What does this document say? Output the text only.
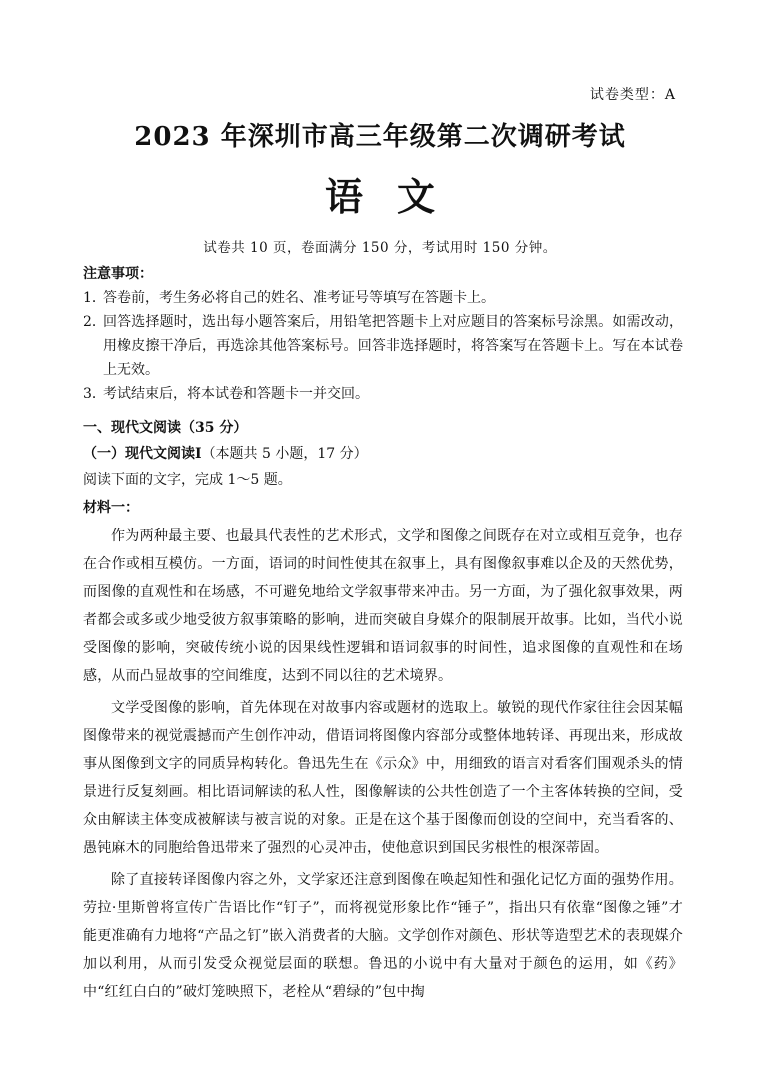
试卷类型：A
2023 年深圳市高三年级第二次调研考试
语文
试卷共 10 页，卷面满分 150 分，考试用时 150 分钟。
注意事项：
1．
答卷前，考生务必将自己的姓名、准考证号等填写在答题卡上。
2．
回答选择题时，选出每小题答案后，用铅笔把答题卡上对应题目的答案标号涂黑。如需改动，用橡皮擦干净后，再选涂其他答案标号。回答非选择题时，将答案写在答题卡上。写在本试卷上无效。
3．
考试结束后，将本试卷和答题卡一并交回。
一、现代文阅读（35 分）
（一）现代文阅读Ⅰ（本题共 5 小题，17 分）
阅读下面的文字，完成 1～5 题。
材料一：

作为两种最主要、也最具代表性的艺术形式，文学和图像之间既存在对立或相互竞争，也存在合作或相互模仿。一方面，语词的时间性使其在叙事上，具有图像叙事难以企及的天然优势，而图像的直观性和在场感，不可避免地给文学叙事带来冲击。另一方面，为了强化叙事效果，两者都会或多或少地受彼方叙事策略的影响，进而突破自身媒介的限制展开故事。比如，当代小说受图像的影响，突破传统小说的因果线性逻辑和语词叙事的时间性，追求图像的直观性和在场感，从而凸显故事的空间维度，达到不同以往的艺术境界。

文学受图像的影响，首先体现在对故事内容或题材的选取上。敏锐的现代作家往往会因某幅图像带来的视觉震撼而产生创作冲动，借语词将图像内容部分或整体地转译、再现出来，形成故事从图像到文字的同质异构转化。鲁迅先生在《示众》中，用细致的语言对看客们围观杀头的情景进行反复刻画。相比语词解读的私人性，图像解读的公共性创造了一个主客体转换的空间，受众由解读主体变成被解读与被言说的对象。正是在这个基于图像而创设的空间中，充当看客的、愚钝麻木的同胞给鲁迅带来了强烈的心灵冲击，使他意识到国民劣根性的根深蒂固。

除了直接转译图像内容之外，文学家还注意到图像在唤起知性和强化记忆方面的强势作用。劳拉·里斯曾将宣传广告语比作“钉子”，而将视觉形象比作“锤子”，指出只有依靠“图像之锤”才能更准确有力地将“产品之钉”嵌入消费者的大脑。文学创作对颜色、形状等造型艺术的表现媒介加以利用，从而引发受众视觉层面的联想。鲁迅的小说中有大量对于颜色的运用，如《药》中“红红白白的”破灯笼映照下，老栓从“碧绿的”包中掏
